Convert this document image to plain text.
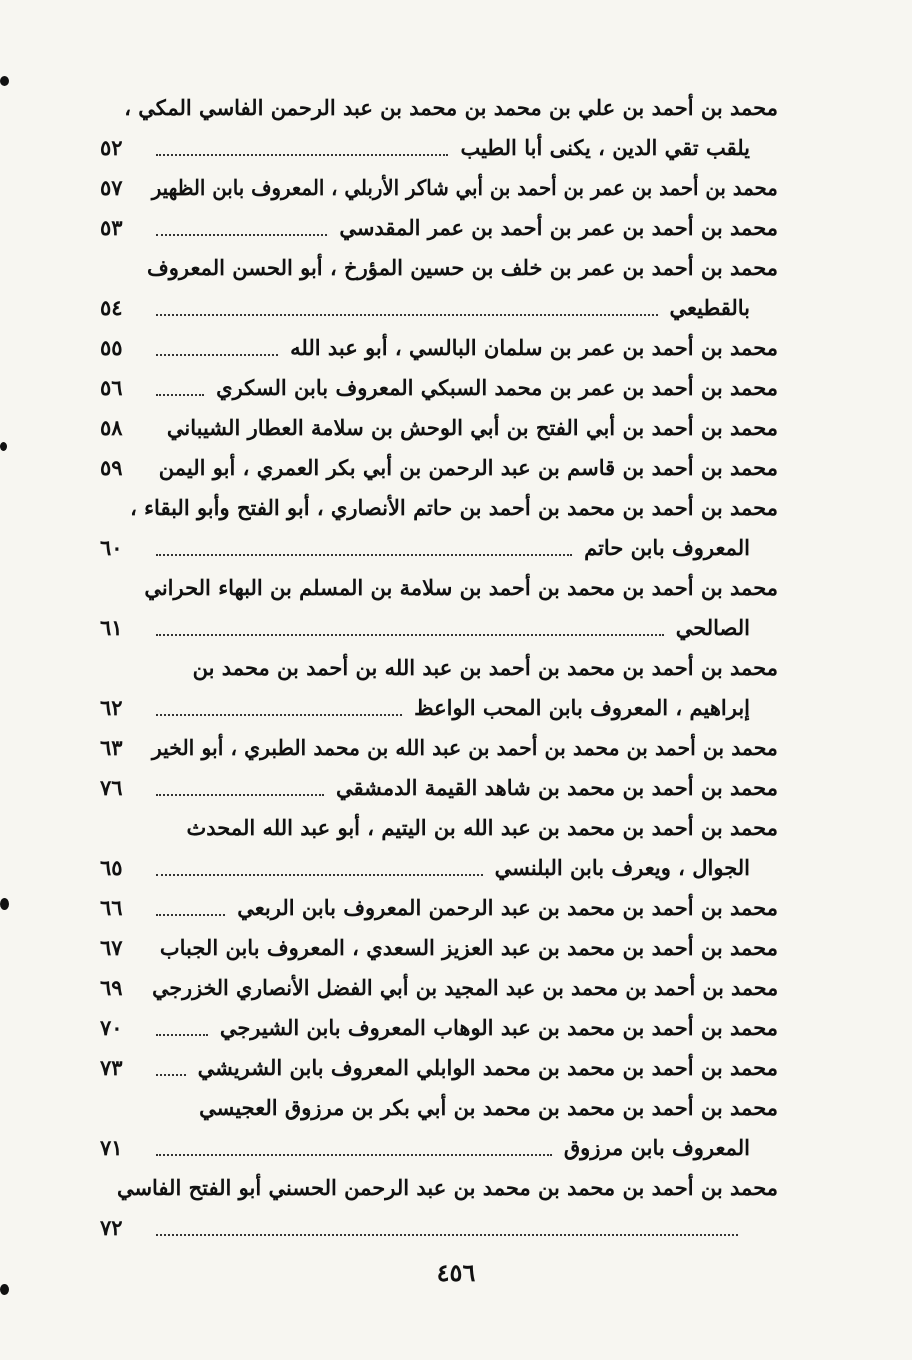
محمد بن أحمد بن علي بن محمد بن محمد بن عبد الرحمن الفاسي المكي ،
يلقب تقي الدين ، يكنى أبا الطيب
٥٢
محمد بن أحمد بن عمر بن أحمد بن أبي شاكر الأربلي ، المعروف بابن الظهير
٥٧
محمد بن أحمد بن عمر بن أحمد بن عمر المقدسي
٥٣
محمد بن أحمد بن عمر بن خلف بن حسين المؤرخ ، أبو الحسن المعروف
بالقطيعي
٥٤
محمد بن أحمد بن عمر بن سلمان البالسي ، أبو عبد الله
٥٥
محمد بن أحمد بن عمر بن محمد السبكي المعروف بابن السكري
٥٦
محمد بن أحمد بن أبي الفتح بن أبي الوحش بن سلامة العطار الشيباني
٥٨
محمد بن أحمد بن قاسم بن عبد الرحمن بن أبي بكر العمري ، أبو اليمن
٥٩
محمد بن أحمد بن محمد بن أحمد بن حاتم الأنصاري ، أبو الفتح وأبو البقاء ،
المعروف بابن حاتم
٦٠
محمد بن أحمد بن محمد بن أحمد بن سلامة بن المسلم بن البهاء الحراني
الصالحي
٦١
محمد بن أحمد بن محمد بن أحمد بن عبد الله بن أحمد بن محمد بن
إبراهيم ، المعروف بابن المحب الواعظ
٦٢
محمد بن أحمد بن محمد بن أحمد بن عبد الله بن محمد الطبري ، أبو الخير
٦٣
محمد بن أحمد بن محمد بن شاهد القيمة الدمشقي
٧٦
محمد بن أحمد بن محمد بن عبد الله بن اليتيم ، أبو عبد الله المحدث
الجوال ، ويعرف بابن البلنسي
٦٥
محمد بن أحمد بن محمد بن عبد الرحمن المعروف بابن الربعي
٦٦
محمد بن أحمد بن محمد بن عبد العزيز السعدي ، المعروف بابن الجباب
٦٧
محمد بن أحمد بن محمد بن عبد المجيد بن أبي الفضل الأنصاري الخزرجي
٦٩
محمد بن أحمد بن محمد بن عبد الوهاب المعروف بابن الشيرجي
٧٠
محمد بن أحمد بن محمد بن محمد الوابلي المعروف بابن الشريشي
٧٣
محمد بن أحمد بن محمد بن محمد بن أبي بكر بن مرزوق العجيسي
المعروف بابن مرزوق
٧١
محمد بن أحمد بن محمد بن محمد بن عبد الرحمن الحسني أبو الفتح الفاسي
٧٢
٤٥٦
